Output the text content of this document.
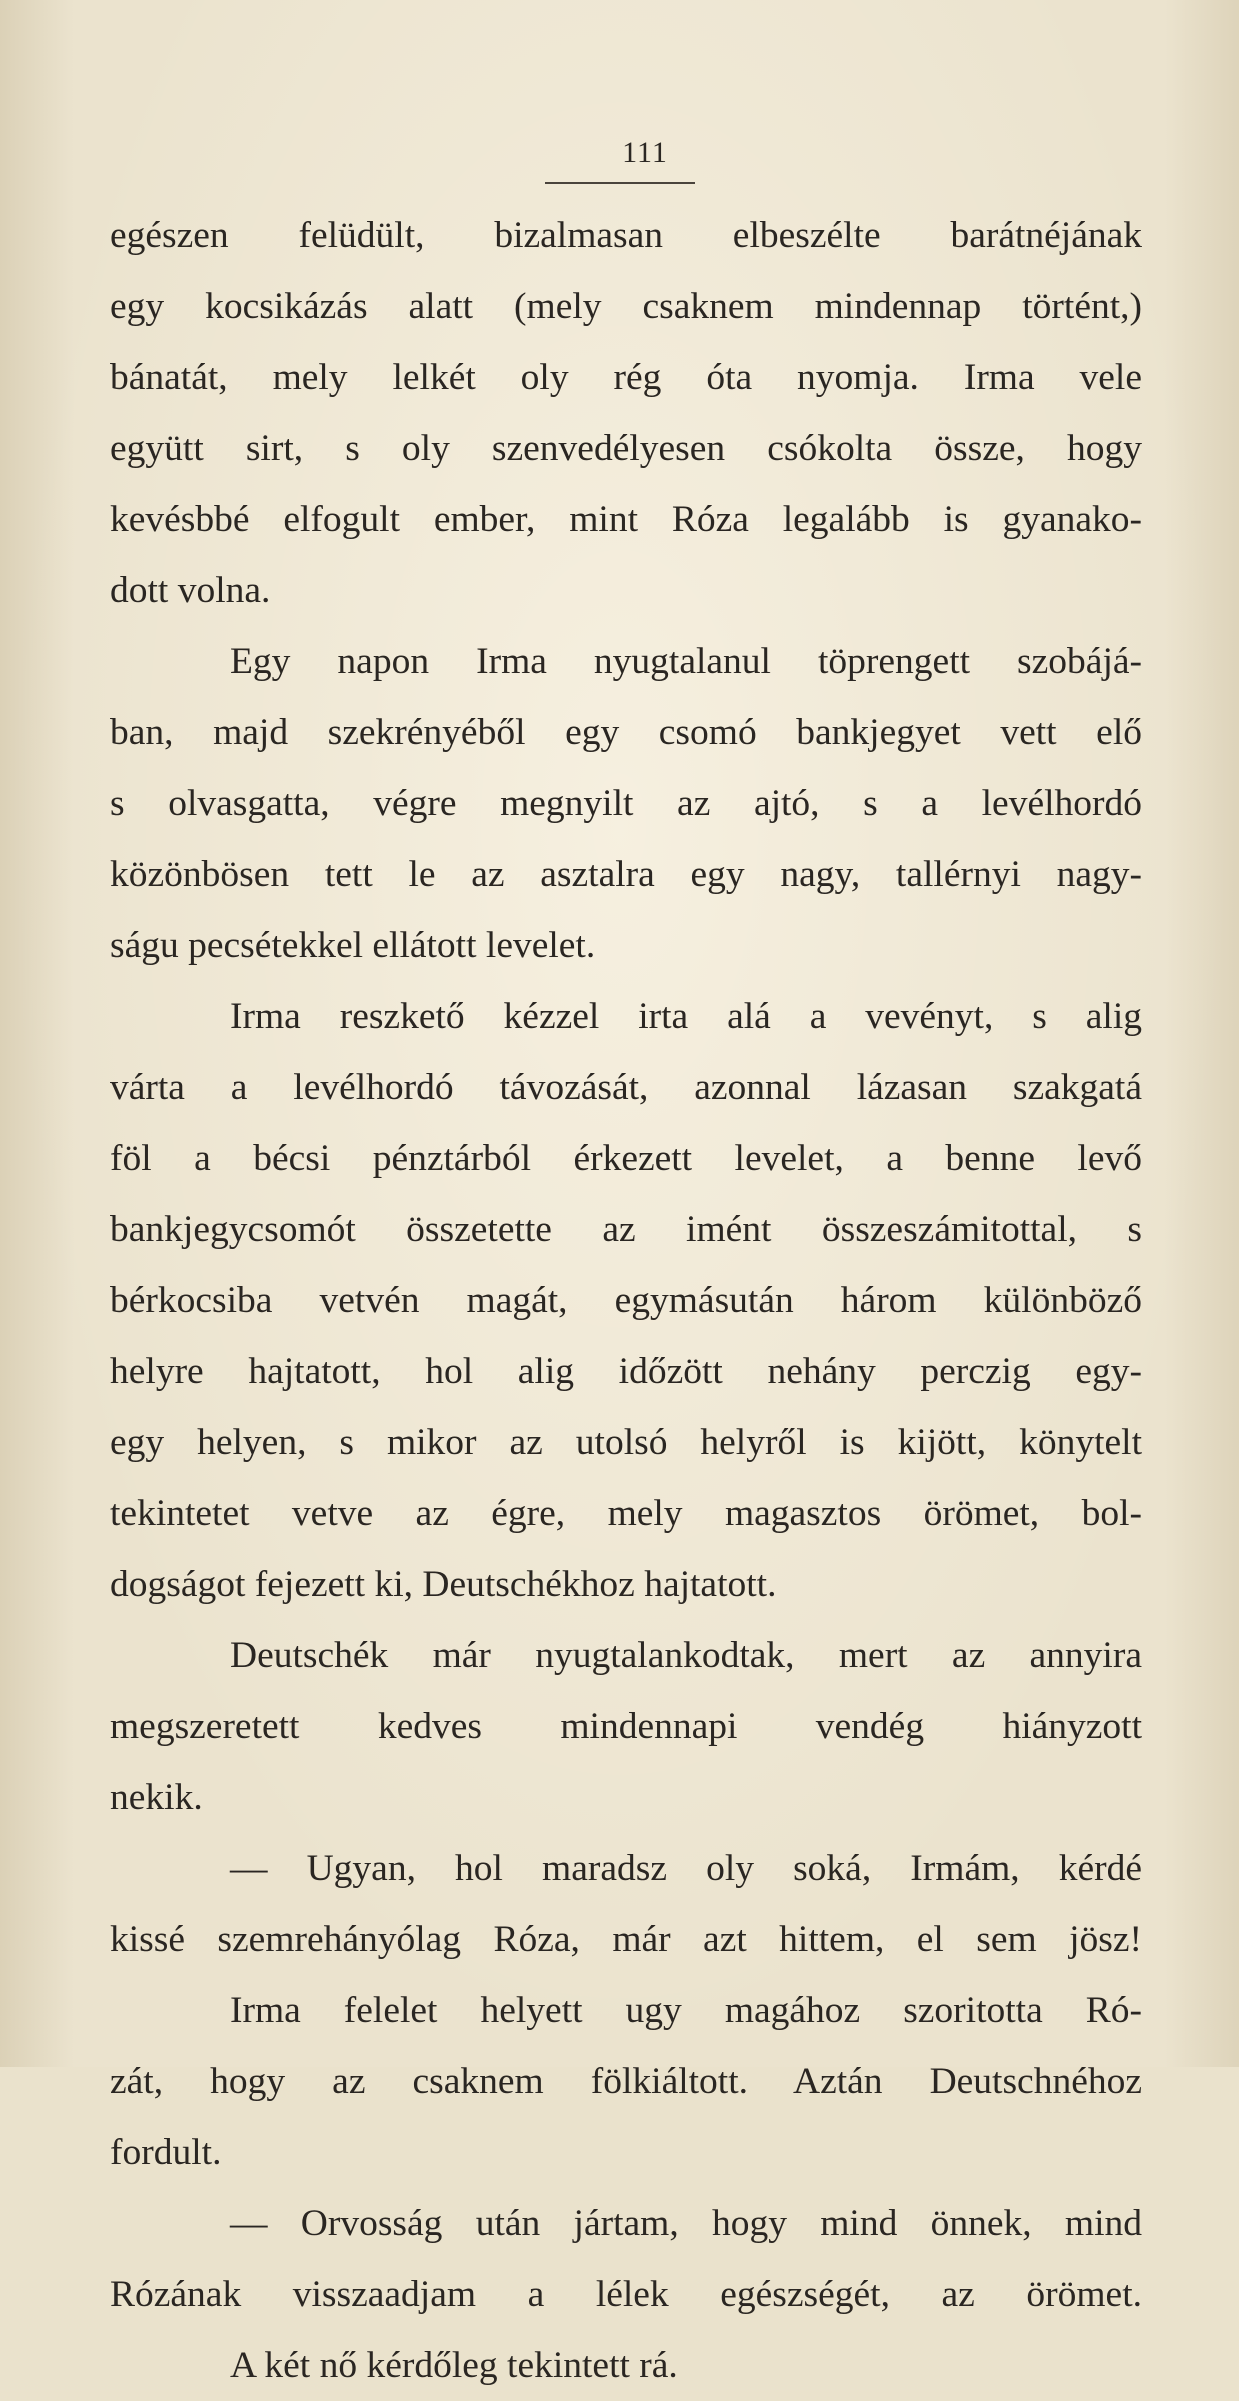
111
egészen felüdült, bizalmasan elbeszélte barátnéjának
egy kocsikázás alatt (mely csaknem mindennap történt,)
bánatát, mely lelkét oly rég óta nyomja. Irma vele
együtt sirt, s oly szenvedélyesen csókolta össze, hogy
kevésbbé elfogult ember, mint Róza legalább is gyanako-
dott volna.
Egy napon Irma nyugtalanul töprengett szobájá-
ban, majd szekrényéből egy csomó bankjegyet vett elő
s olvasgatta, végre megnyilt az ajtó, s a levélhordó
közönbösen tett le az asztalra egy nagy, tallérnyi nagy-
ságu pecsétekkel ellátott levelet.
Irma reszkető kézzel irta alá a vevényt, s alig
várta a levélhordó távozását, azonnal lázasan szakgatá
föl a bécsi pénztárból érkezett levelet, a benne levő
bankjegycsomót összetette az imént összeszámitottal, s
bérkocsiba vetvén magát, egymásután három különböző
helyre hajtatott, hol alig időzött nehány perczig egy-
egy helyen, s mikor az utolsó helyről is kijött, könytelt
tekintetet vetve az égre, mely magasztos örömet, bol-
dogságot fejezett ki, Deutschékhoz hajtatott.
Deutschék már nyugtalankodtak, mert az annyira
megszeretett kedves mindennapi vendég hiányzott
nekik.
— Ugyan, hol maradsz oly soká, Irmám, kérdé
kissé szemrehányólag Róza, már azt hittem, el sem jösz!
Irma felelet helyett ugy magához szoritotta Ró-
zát, hogy az csaknem fölkiáltott. Aztán Deutschnéhoz
fordult.
— Orvosság után jártam, hogy mind önnek, mind
Rózának visszaadjam a lélek egészségét, az örömet.
A két nő kérdőleg tekintett rá.
